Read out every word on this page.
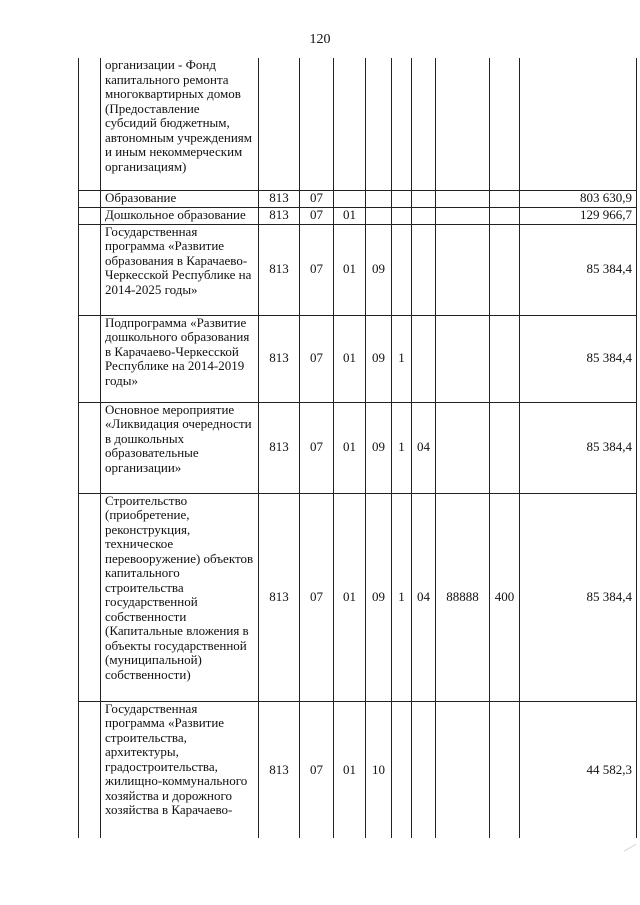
120
	организации - Фонд капитального ремонта многоквартирных домов (Предоставление субсидий бюджетным, автономным учреждениям и иным некоммерческим организациям)									
	Образование	813	07							803 630,9
	Дошкольное образование	813	07	01						129 966,7
	Государственная программа «Развитие образования в Карачаево-Черкесской Республике на 2014-2025 годы»	813	07	01	09					85 384,4
	Подпрограмма «Развитие дошкольного образования в Карачаево-Черкесской Республике на 2014-2019 годы»	813	07	01	09	1				85 384,4
	Основное мероприятие «Ликвидация очередности в дошкольных образовательные организации»	813	07	01	09	1	04			85 384,4
	Строительство (приобретение, реконструкция, техническое перевооружение) объектов капитального строительства государственной собственности (Капитальные вложения в объекты государственной (муниципальной) собственности)	813	07	01	09	1	04	88888	400	85 384,4
	Государственная программа «Развитие строительства, архитектуры, градостроительства, жилищно-коммунального хозяйства и дорожного хозяйства в Карачаево-	813	07	01	10					44 582,3
